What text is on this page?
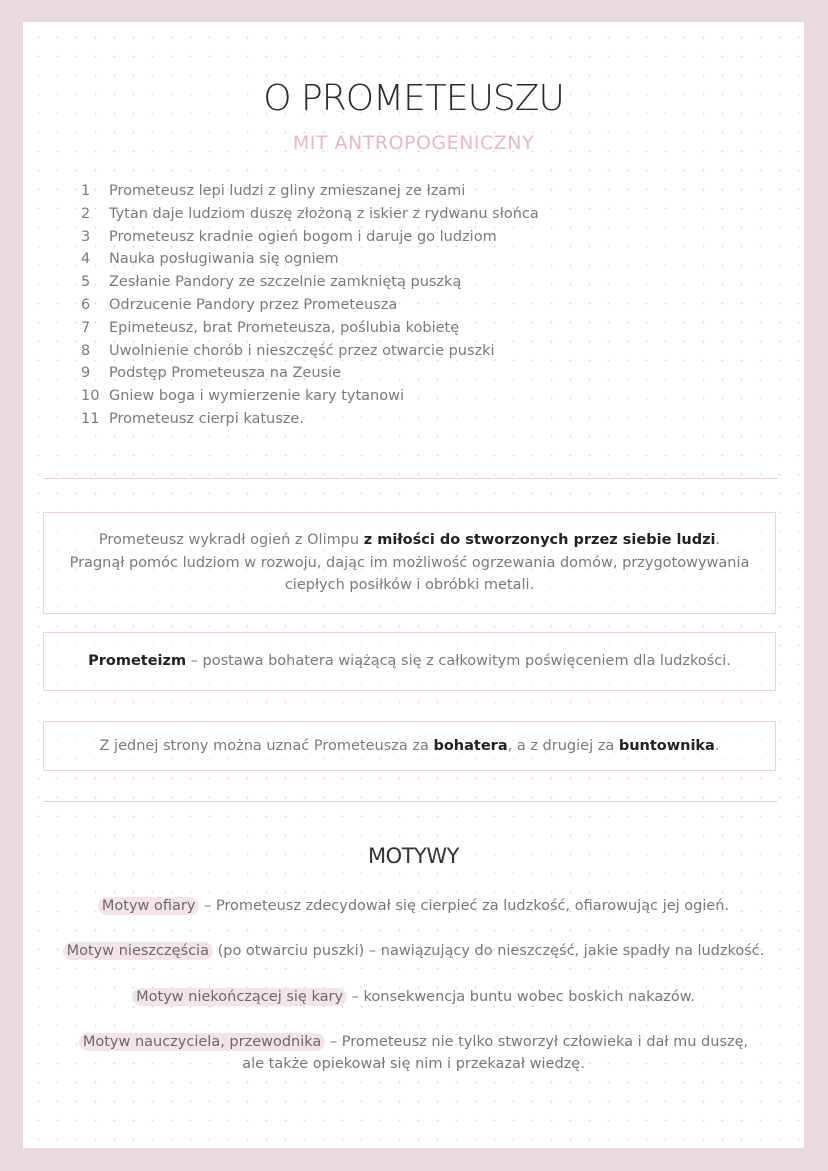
O PROMETEUSZU
MIT ANTROPOGENICZNY
1	Prometeusz lepi ludzi z gliny zmieszanej ze łzami
2	Tytan daje ludziom duszę złożoną z iskier z rydwanu słońca
3	Prometeusz kradnie ogień bogom i daruje go ludziom
4	Nauka posługiwania się ogniem
5	Zesłanie Pandory ze szczelnie zamkniętą puszką
6	Odrzucenie Pandory przez Prometeusza
7	Epimeteusz, brat Prometeusza, poślubia kobietę
8	Uwolnienie chorób i nieszczęść przez otwarcie puszki
9	Podstęp Prometeusza na Zeusie
10 Gniew boga i wymierzenie kary tytanowi
11 Prometeusz cierpi katusze.
Prometeusz wykradł ogień z Olimpu z miłości do stworzonych przez siebie ludzi.
Pragnął pomóc ludziom w rozwoju, dając im możliwość ogrzewania domów, przygotowywania
ciepłych posiłków i obróbki metali.
Prometeizm – postawa bohatera wiążącą się z całkowitym poświęceniem dla ludzkości.
Z jednej strony można uznać Prometeusza za bohatera, a z drugiej za buntownika.
MOTYWY
Motyw ofiary – Prometeusz zdecydował się cierpieć za ludzkość, ofiarowując jej ogień.
Motyw nieszczęścia (po otwarciu puszki) – nawiązujący do nieszczęść, jakie spadły na ludzkość.
Motyw niekończącej się kary – konsekwencja buntu wobec boskich nakazów.
Motyw nauczyciela, przewodnika – Prometeusz nie tylko stworzył człowieka i dał mu duszę, ale także opiekował się nim i przekazał wiedzę.
